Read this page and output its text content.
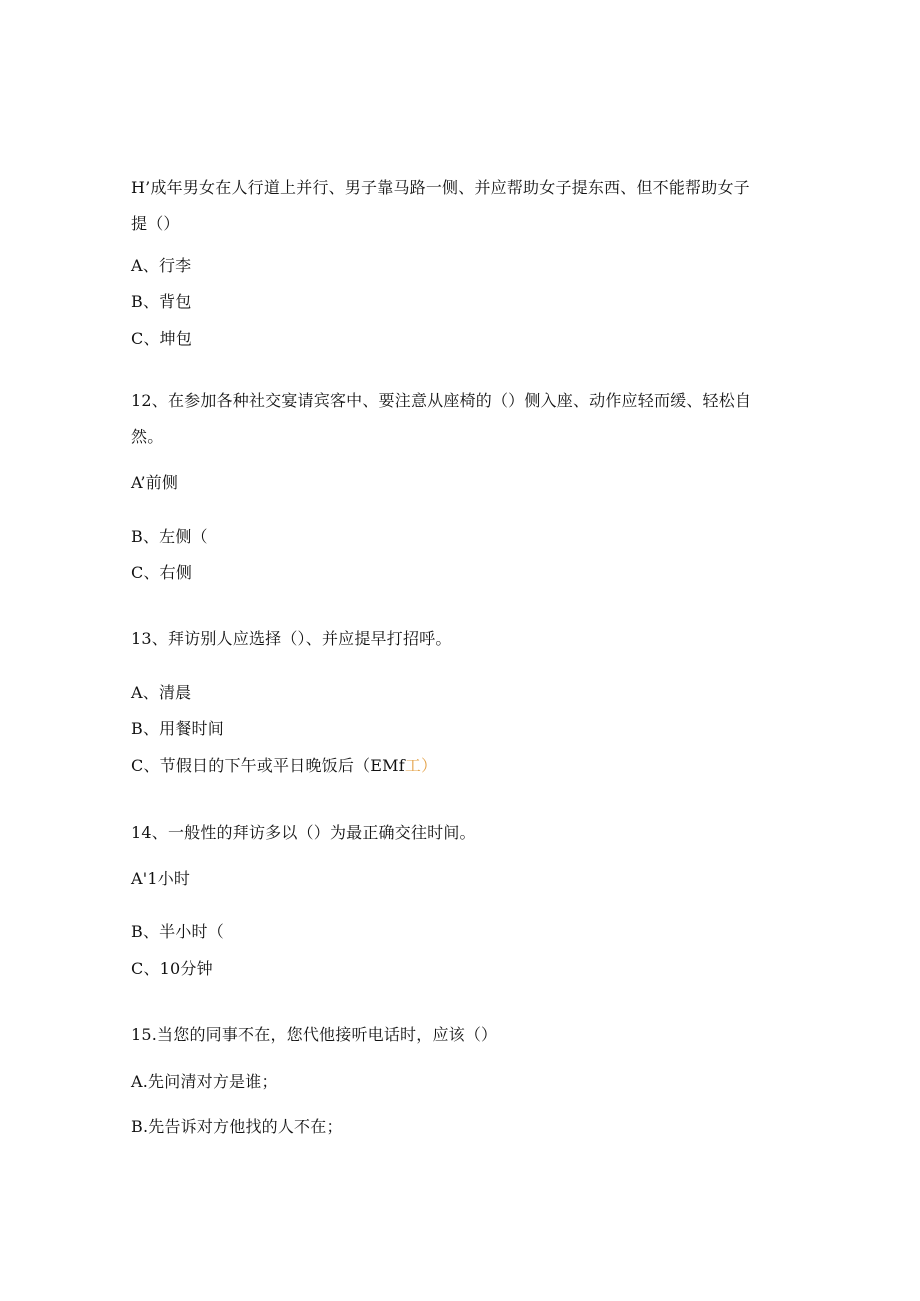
H’成年男女在人行道上并行、男子靠马路一侧、并应帮助女子提东西、但不能帮助女子
提（）
A、行李
B、背包
C、坤包
12、在参加各种社交宴请宾客中、要注意从座椅的（）侧入座、动作应轻而缓、轻松自
然。
A’前侧
B、左侧（
C、右侧
13、拜访别人应选择（）、并应提早打招呼。
A、清晨
B、用餐时间
C、节假日的下午或平日晚饭后（EMf工）
14、一般性的拜访多以（）为最正确交往时间。
A'1小时
B、半小时（
C、10分钟
15.当您的同事不在，您代他接听电话时，应该（）
A.先问清对方是谁；
B.先告诉对方他找的人不在；
